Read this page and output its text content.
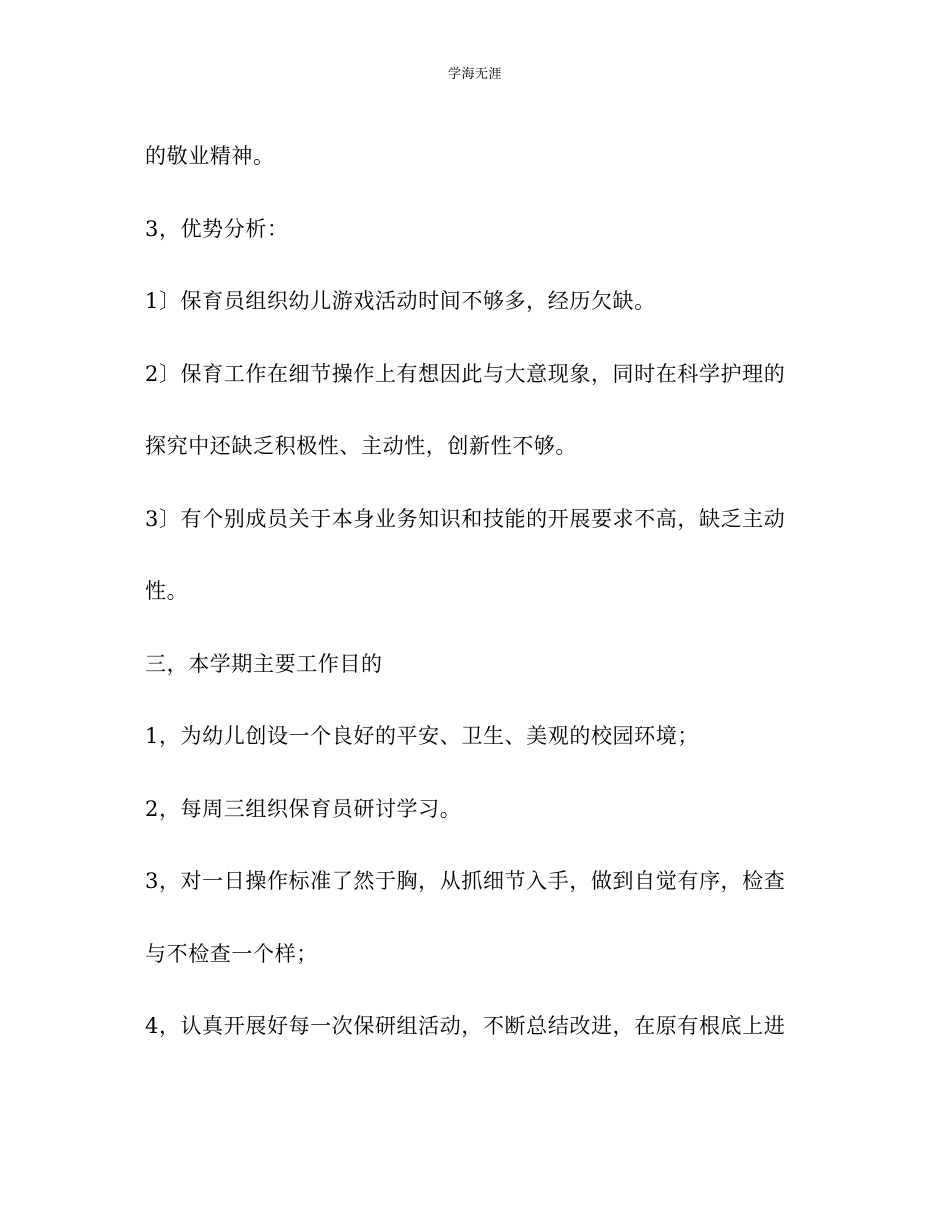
学海无涯
的敬业精神。
3，优势分析：
1〕保育员组织幼儿游戏活动时间不够多，经历欠缺。
2〕保育工作在细节操作上有想因此与大意现象，同时在科学护理的
探究中还缺乏积极性、主动性，创新性不够。
3〕有个别成员关于本身业务知识和技能的开展要求不高，缺乏主动
性。
三，本学期主要工作目的
1，为幼儿创设一个良好的平安、卫生、美观的校园环境；
2，每周三组织保育员研讨学习。
3，对一日操作标准了然于胸，从抓细节入手，做到自觉有序，检查
与不检查一个样；
4，认真开展好每一次保研组活动，不断总结改进，在原有根底上进
